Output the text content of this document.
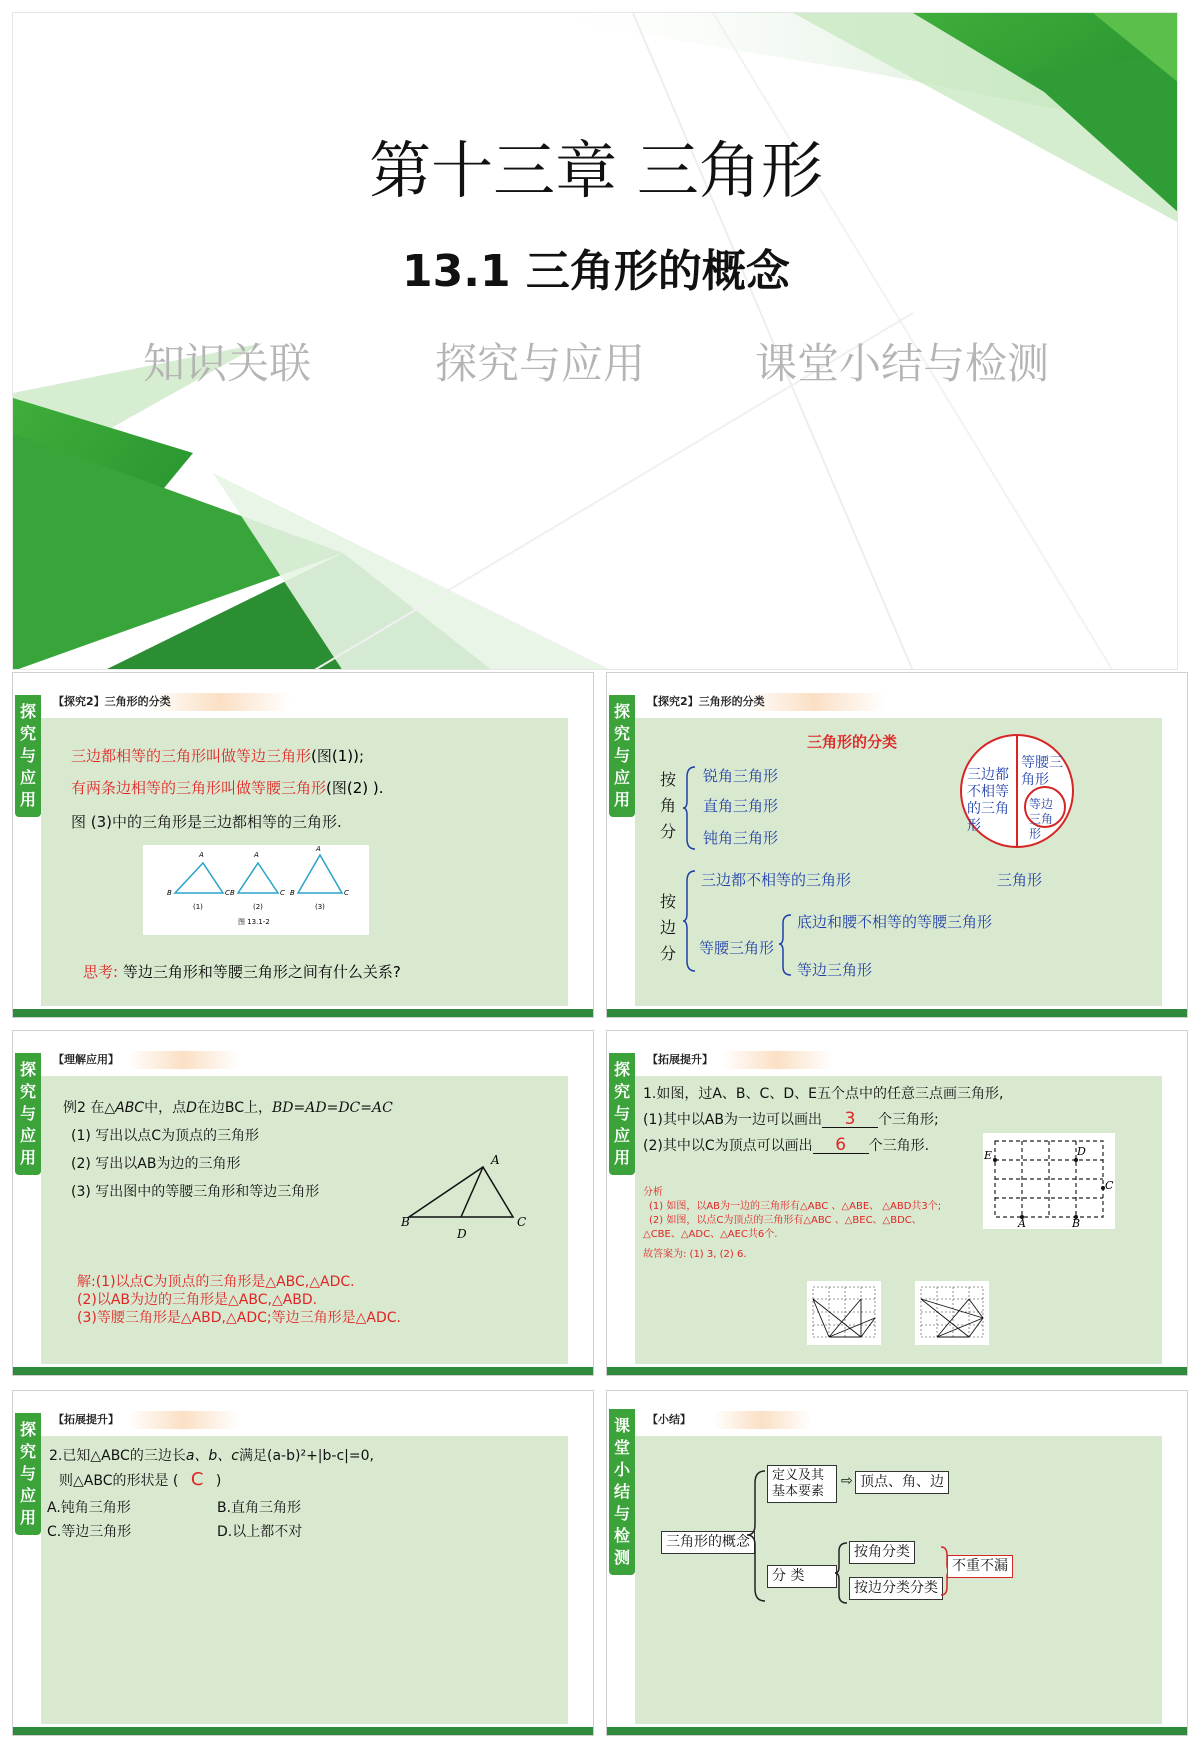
第十三章 三角形
13.1 三角形的概念
知识关联	探究与应用	课堂小结与检测
探
究
与
应
用
【探究2】三角形的分类
三边都相等的三角形叫做等边三角形(图(1));
有两条边相等的三角形叫做等腰三角形(图(2) ).
图 (3)中的三角形是三边都相等的三角形.
A
B	C
A
B	C
A
B	C
(1)	(2)	(3)
图 13.1-2
思考: 等边三角形和等腰三角形之间有什么关系?
探
究
与
应
用
【探究2】三角形的分类
三角形的分类
按
角
分
锐角三角形
直角三角形
钝角三角形
按
边
分
三边都不相等的三角形
等腰三角形
底边和腰不相等的等腰三角形
等边三角形
三边都不相等的三角形
等腰三角形
等边三角形
三角形
探
究
与
应
用
【理解应用】
例2 在△ABC中，点D在边BC上，BD=AD=DC=AC
(1) 写出以点C为顶点的三角形
(2) 写出以AB为边的三角形
(3) 写出图中的等腰三角形和等边三角形
A
B	C
D
解:(1)以点C为顶点的三角形是△ABC,△ADC.
(2)以AB为边的三角形是△ABC,△ABD.
(3)等腰三角形是△ABD,△ADC;等边三角形是△ADC.
探
究
与
应
用
【拓展提升】
1.如图，过A、B、C、D、E五个点中的任意三点画三角形,
(1)其中以AB为一边可以画出 3 个三角形;
(2)其中以C为顶点可以画出 6 个三角形.
E	D
C
A	B
分析
(1) 如图，以AB为一边的三角形有△ABC 、△ABE、 △ABD共3个;
(2) 如图，以点C为顶点的三角形有△ABC 、△BEC、△BDC、
△CBE、△ADC、△AEC共6个.
故答案为: (1) 3, (2) 6.
探
究
与
应
用
【拓展提升】
2.已知△ABC的三边长a、b、c满足(a-b)²+|b-c|=0,
则△ABC的形状是 ( C )
A.钝角三角形	B.直角三角形
C.等边三角形	D.以上都不对
课
堂
小
结
与
检
测
【小结】
三角形的概念
定义及其基本要素
⇨ 顶点、角、边
分 类
按角分类
按边分类分类
不重不漏
